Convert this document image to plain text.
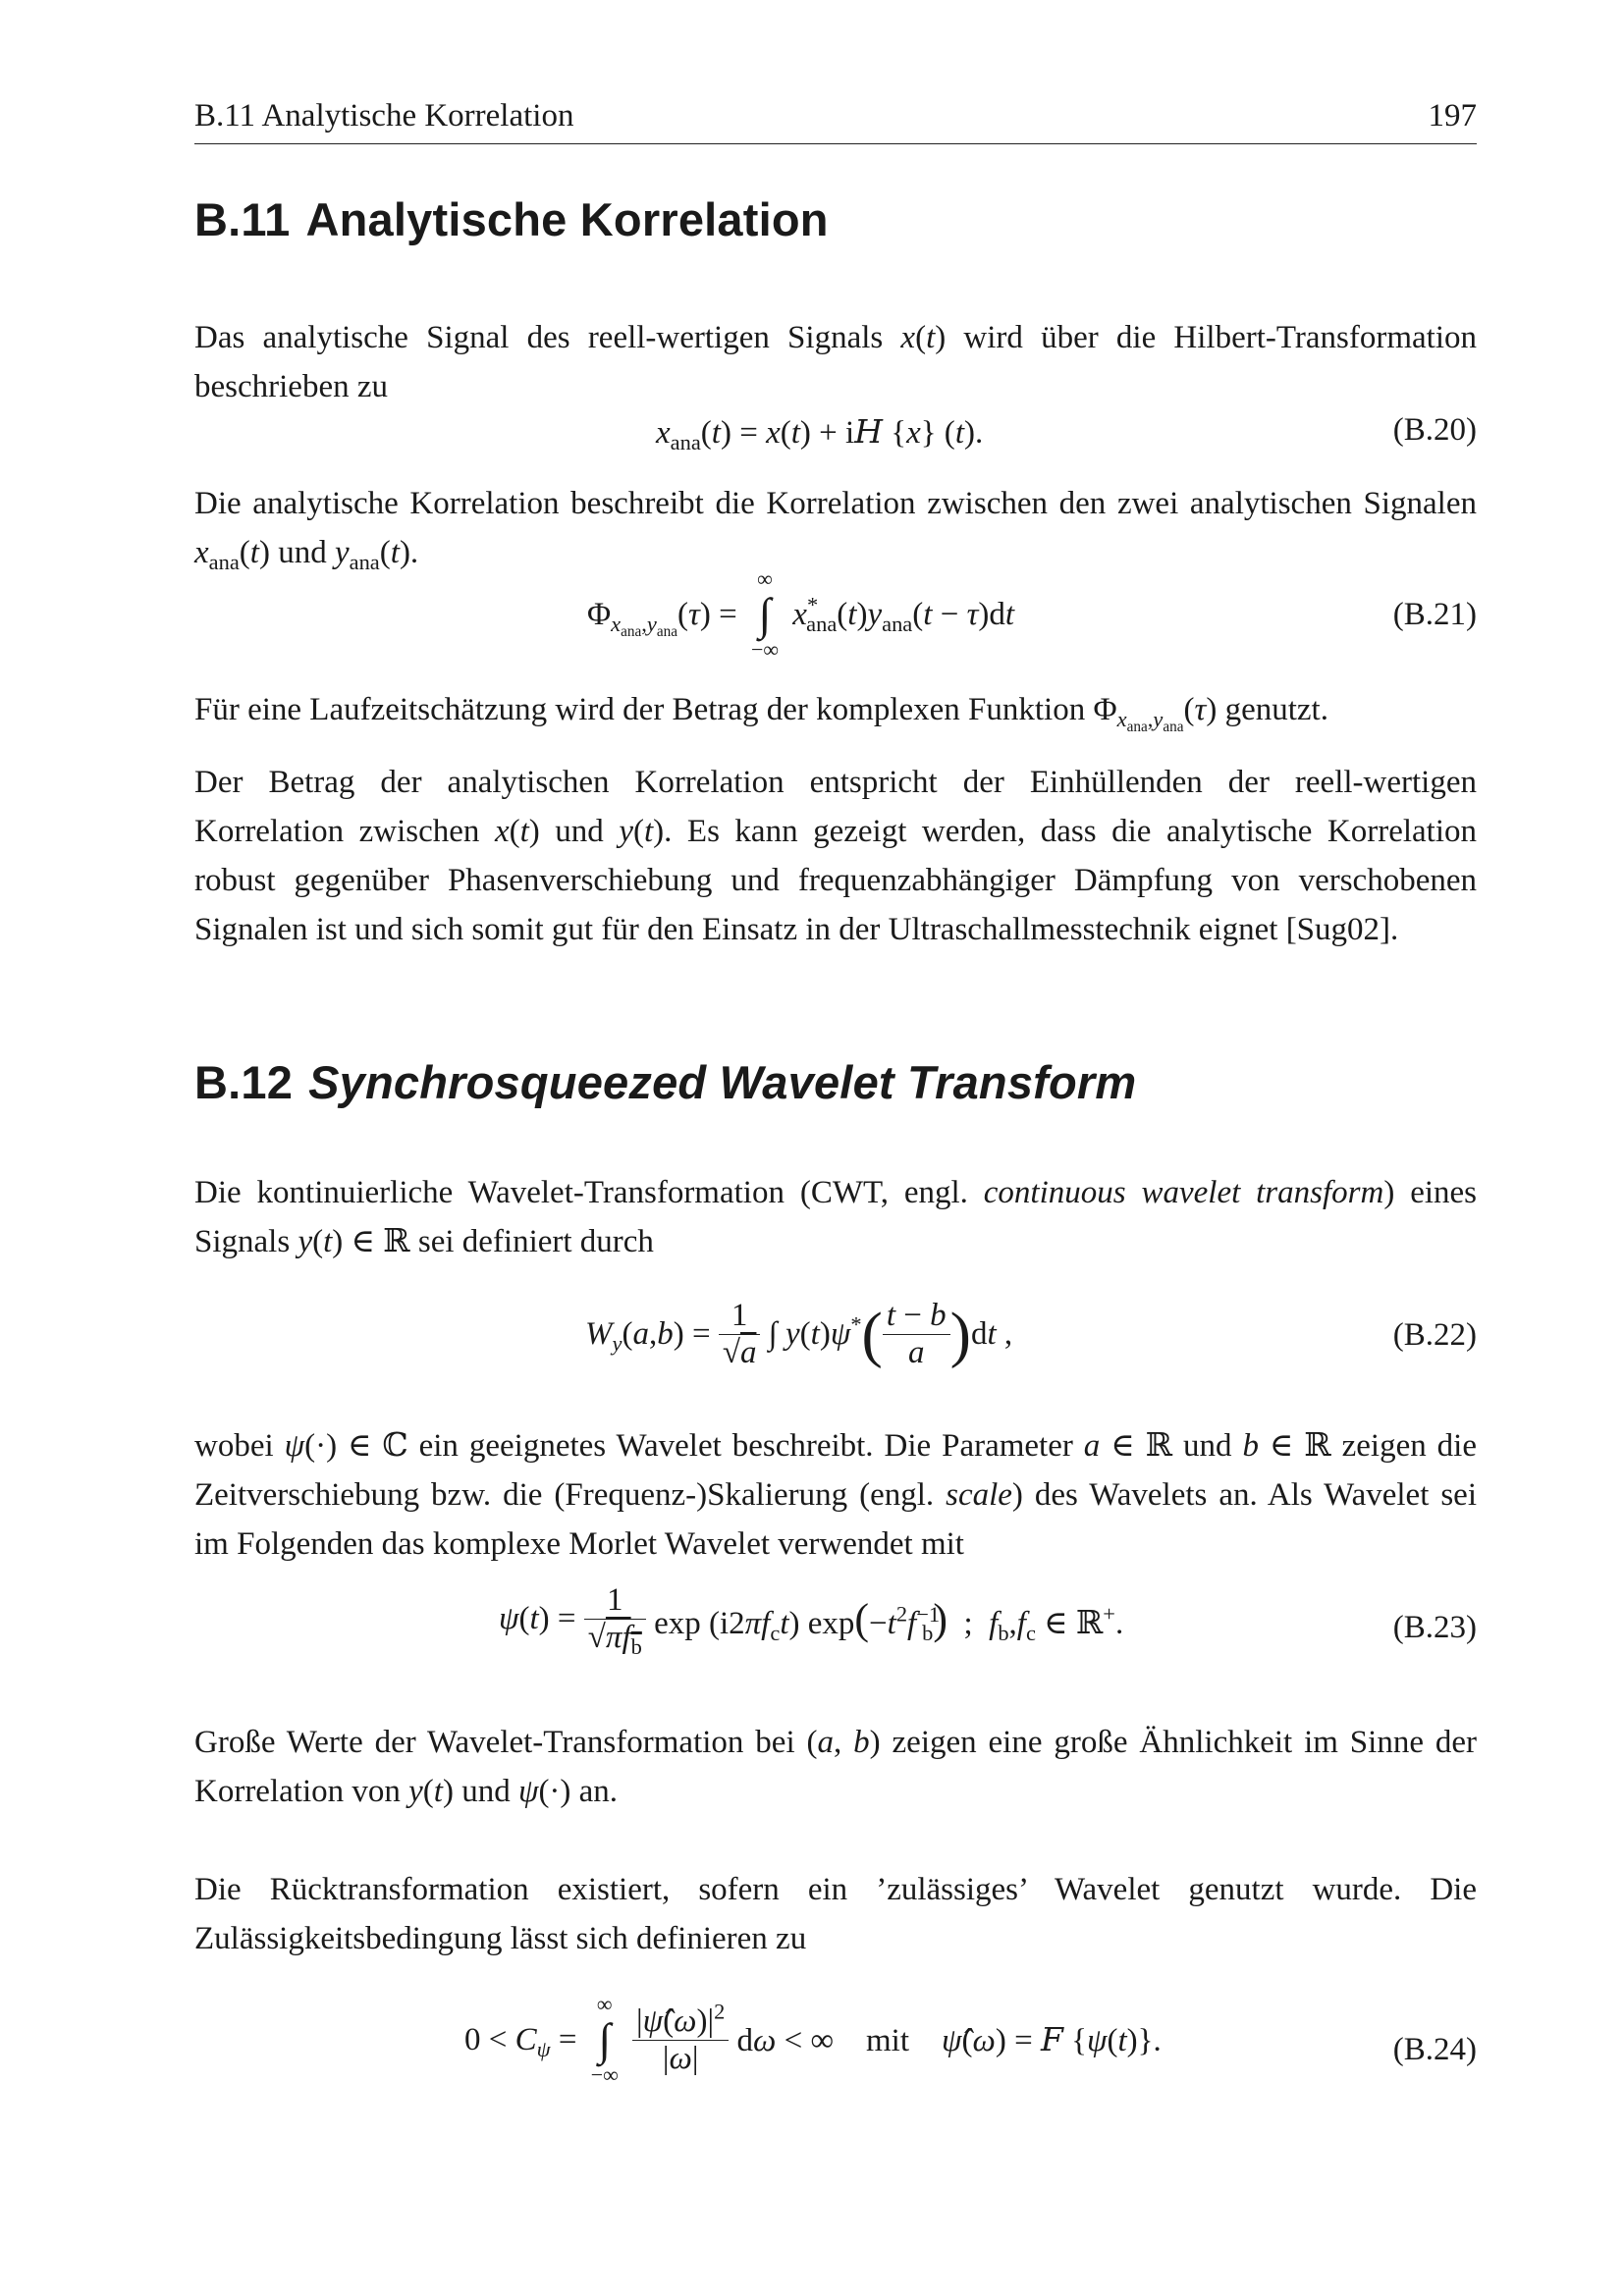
B.11 Analytische Korrelation	197
B.11 Analytische Korrelation

Das analytische Signal des reell-wertigen Signals x(t) wird über die Hilbert-Transformation beschrieben zu

$x_{ana}(t) = x(t)$ + iH {x} (t).	(B.20)

Die analytische Korrelation beschreibt die Korrelation zwischen den zwei analytischen Signalen $x_{ana}(t)$ und $y_{ana}(t)$.

$\Phi_{x_{ana},y_{ana}}(\tau)$ =
∞
∫
−∞
$x^*_{ana}(t)y_{ana}(t - \tau)dt$	(B.21)

Für eine Laufzeitschätzung wird der Betrag der komplexen Funktion $\Phi_{x_{ana},y_{ana}}(\tau)$ genutzt.

Der Betrag der analytischen Korrelation entspricht der Einhüllenden der reell-wertigen Korrelation zwischen x(t) und y(t). Es kann gezeigt werden, dass die analytische Korrelation robust gegenüber Phasenverschiebung und frequenzabhängiger Dämpfung von verschobenen Signalen ist und sich somit gut für den Einsatz in der Ultraschallmesstechnik eignet [Sug02].

B.12 Synchrosqueezed Wavelet Transform

Die kontinuierliche Wavelet-Transformation (CWT, engl. continuous wavelet transform) eines Signals y(t) ∈ ℝ sei definiert durch

$W_y(a,b) = \frac{1}{√a}$ ∫ $y(t)\psi^*( \frac{t - b}{a} )dt$ ,	(B.22)

wobei ψ(·) ∈ ℂ ein geeignetes Wavelet beschreibt. Die Parameter a ∈ ℝ und b ∈ ℝ zeigen die Zeitverschiebung bzw. die (Frequenz-)Skalierung (engl. scale) des Wavelets an. Als Wavelet sei im Folgenden das komplexe Morlet Wavelet verwendet mit

$\psi(t) = \frac{1}{√\pi f_b}$ $\exp (i2\pi f_ct)$ $\exp(-t^2f^{-1}_b)$  ;  $f_b,f_c$ ∈ ℝ+.	(B.23)

Große Werte der Wavelet-Transformation bei (a, b) zeigen eine große Ähnlichkeit im Sinne der Korrelation von y(t) und ψ(·) an.

Die Rücktransformation existiert, sofern ein ’zulässiges’ Wavelet genutzt wurde. Die Zulässigkeitsbedingung lässt sich definieren zu

$0 < C_\psi$ =
∞
∫
−∞
$\frac{|\psî(\omega)|^2}{|\omega|}$ dω < ∞    mit ψ̂(ω) = F {ψ(t)}.	(B.24)
